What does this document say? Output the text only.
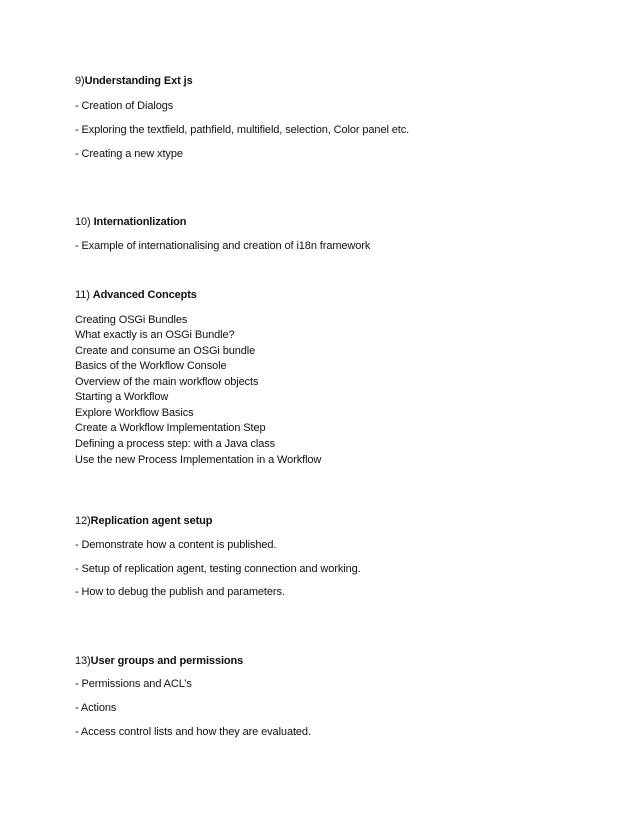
9)Understanding Ext js
- Creation of Dialogs
- Exploring the textfield, pathfield, multifield, selection, Color panel etc.
- Creating a new xtype
10) Internationlization
- Example of internationalising and creation of i18n framework
11) Advanced Concepts
Creating OSGi Bundles
What exactly is an OSGi Bundle?
Create and consume an OSGi bundle
Basics of the Workflow Console
Overview of the main workflow objects
Starting a Workflow
Explore Workflow Basics
Create a Workflow Implementation Step
Defining a process step: with a Java class
Use the new Process Implementation in a Workflow
12)Replication agent setup
- Demonstrate how a content is published.
- Setup of replication agent, testing connection and working.
- How to debug the publish and parameters.
13)User groups and permissions
- Permissions and ACL’s
- Actions
- Access control lists and how they are evaluated.
